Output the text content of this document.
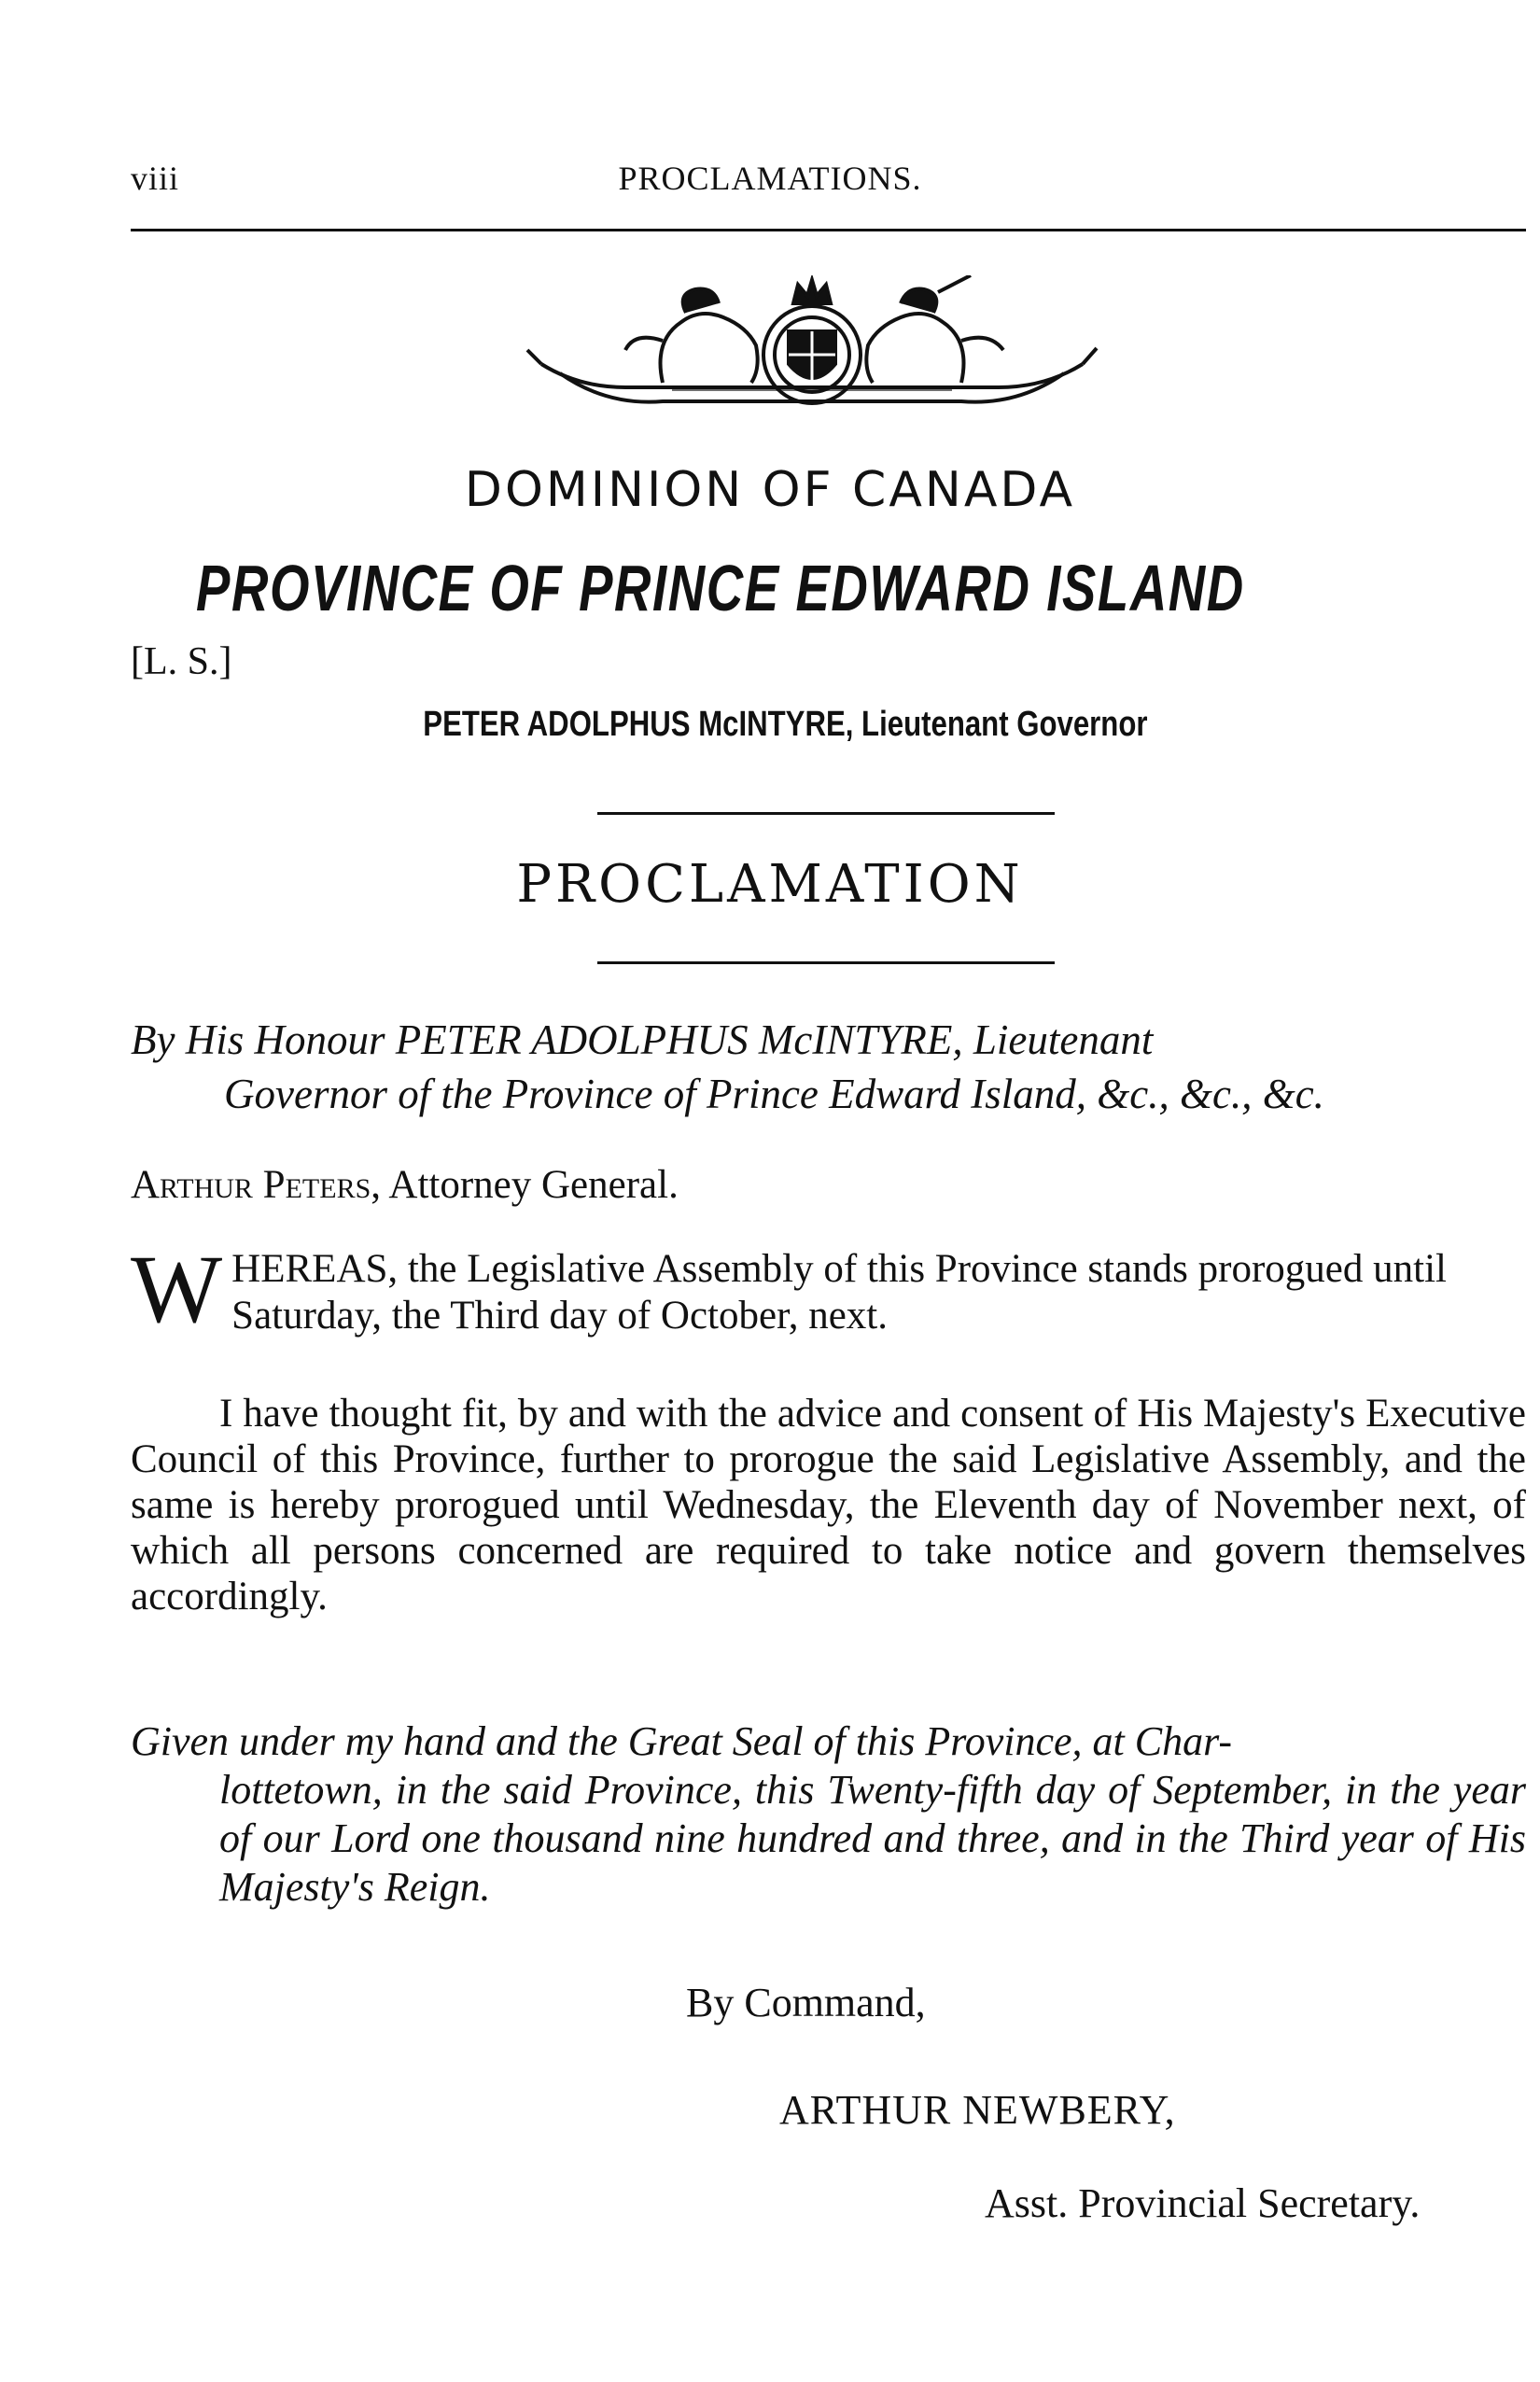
viii	PROCLAMATIONS.
DOMINION OF CANADA
PROVINCE OF PRINCE EDWARD ISLAND
[L. S.]
PETER ADOLPHUS McINTYRE, Lieutenant Governor
PROCLAMATION
By His Honour PETER ADOLPHUS McINTYRE, Lieutenant
Governor of the Province of Prince Edward Island, &c., &c., &c.
Arthur Peters, Attorney General.
W HEREAS, the Legislative Assembly of this Province stands prorogued until Saturday, the Third day of October, next.
I have thought fit, by and with the advice and consent of His Majesty's Executive Council of this Province, further to prorogue the said Legislative Assembly, and the same is hereby prorogued until Wednesday, the Eleventh day of November next, of which all persons concerned are required to take notice and govern themselves accordingly.
Given under my hand and the Great Seal of this Province, at Char-
lottetown, in the said Province, this Twenty-fifth day of September, in the year of our Lord one thousand nine hundred and three, and in the Third year of His Majesty's Reign.
By Command,
ARTHUR NEWBERY,
Asst. Provincial Secretary.
